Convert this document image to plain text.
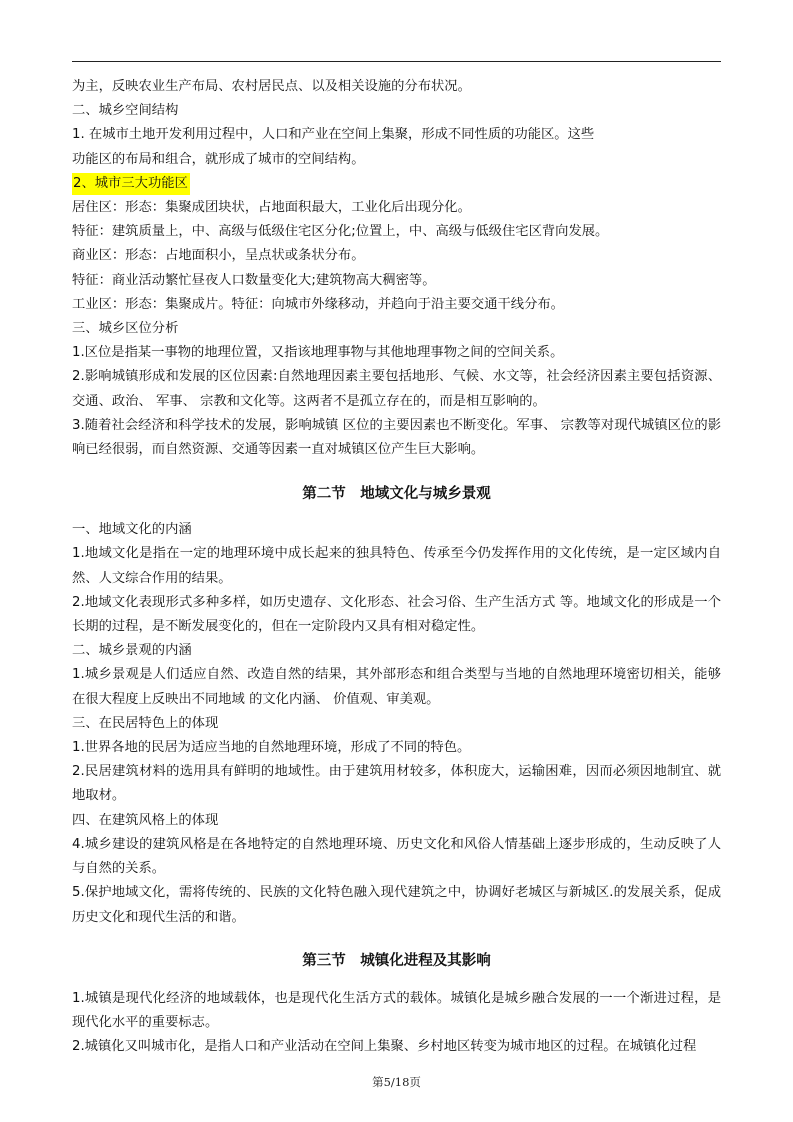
为主，反映农业生产布局、农村居民点、以及相关设施的分布状况。

二、城乡空间结构

1. 在城市土地开发利用过程中，人口和产业在空间上集聚，形成不同性质的功能区。这些

功能区的布局和组合，就形成了城市的空间结构。

2、城市三大功能区

居住区：形态：集聚成团块状，占地面积最大，工业化后出现分化。

特征：建筑质量上，中、高级与低级住宅区分化;位置上，中、高级与低级住宅区背向发展。

商业区：形态：占地面积小，呈点状或条状分布。

特征：商业活动繁忙昼夜人口数量变化大;建筑物高大稠密等。

工业区：形态：集聚成片。特征：向城市外缘移动，并趋向于沿主要交通干线分布。

三、城乡区位分析

1.区位是指某一事物的地理位置，又指该地理事物与其他地理事物之间的空间关系。

2.影响城镇形成和发展的区位因素:自然地理因素主要包括地形、气候、水文等，社会经济因素主要包括资源、交通、政治、 军事、 宗教和文化等。这两者不是孤立存在的，而是相互影响的。

3.随着社会经济和科学技术的发展，影响城镇 区位的主要因素也不断变化。军事、 宗教等对现代城镇区位的影响已经很弱，而自然资源、交通等因素一直对城镇区位产生巨大影响。

第二节　地域文化与城乡景观

一、地域文化的内涵

1.地域文化是指在一定的地理环境中成长起来的独具特色、传承至今仍发挥作用的文化传统，是一定区域内自然、人文综合作用的结果。

2.地域文化表现形式多种多样，如历史遗存、文化形态、社会习俗、生产生活方式 等。地域文化的形成是一个长期的过程，是不断发展变化的，但在一定阶段内又具有相对稳定性。

二、城乡景观的内涵

1.城乡景观是人们适应自然、改造自然的结果，其外部形态和组合类型与当地的自然地理环境密切相关，能够在很大程度上反映出不同地域 的文化内涵、 价值观、审美观。

三、在民居特色上的体现

1.世界各地的民居为适应当地的自然地理环境，形成了不同的特色。

2.民居建筑材料的选用具有鲜明的地域性。由于建筑用材较多，体积庞大，运输困难，因而必须因地制宜、就地取材。

四、在建筑风格上的体现

4.城乡建设的建筑风格是在各地特定的自然地理环境、历史文化和风俗人情基础上逐步形成的，生动反映了人与自然的关系。

5.保护地域文化，需将传统的、民族的文化特色融入现代建筑之中，协调好老城区与新城区.的发展关系，促成历史文化和现代生活的和谐。

第三节　城镇化进程及其影响

1.城镇是现代化经济的地域载体，也是现代化生活方式的载体。城镇化是城乡融合发展的一一个渐进过程，是现代化水平的重要标志。

2.城镇化又叫城市化，是指人口和产业活动在空间上集聚、乡村地区转变为城市地区的过程。在城镇化过程

第5/18页
